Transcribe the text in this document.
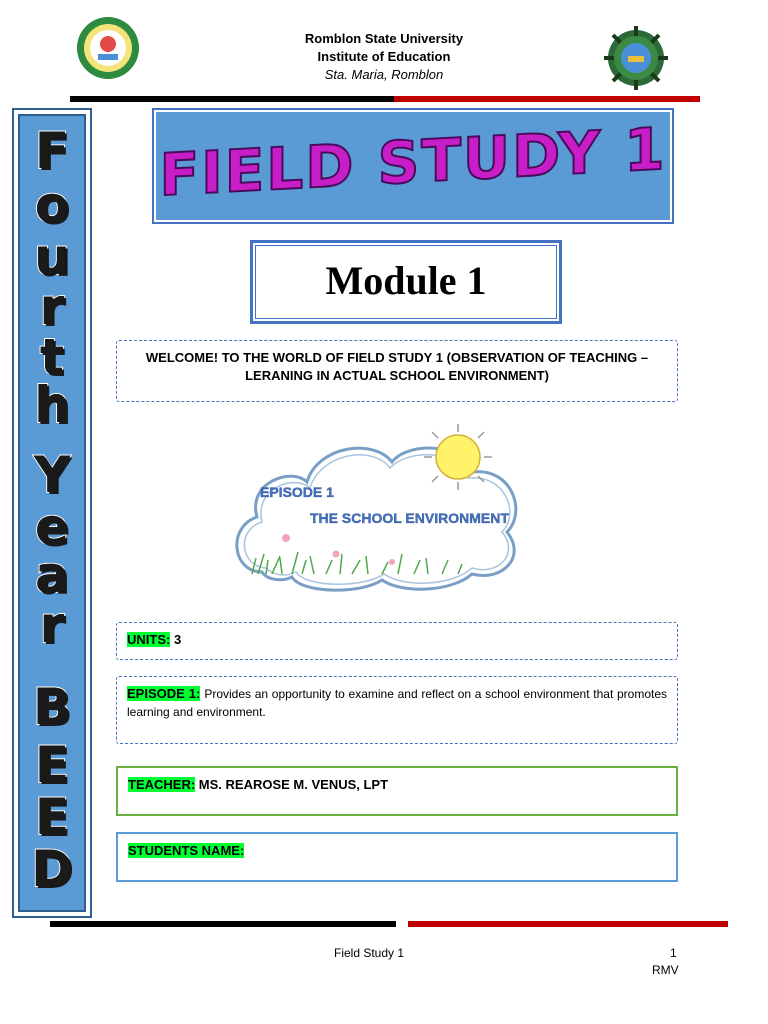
Romblon State University
Institute of Education
Sta. Maria, Romblon
F
o
u
r
t
h
Y
e
a
r
B
E
E
D
FIELD STUDY 1
Module 1
WELCOME! TO THE WORLD OF FIELD STUDY 1 (OBSERVATION OF TEACHING –
LERANING IN ACTUAL SCHOOL ENVIRONMENT)
EPISODE 1
THE SCHOOL ENVIRONMENT
UNITS: 3
EPISODE 1: Provides an opportunity to examine and reflect on a school environment that promotes learning and environment.
TEACHER: MS. REAROSE M. VENUS, LPT
STUDENTS NAME:
Field Study 1	1
RMV
